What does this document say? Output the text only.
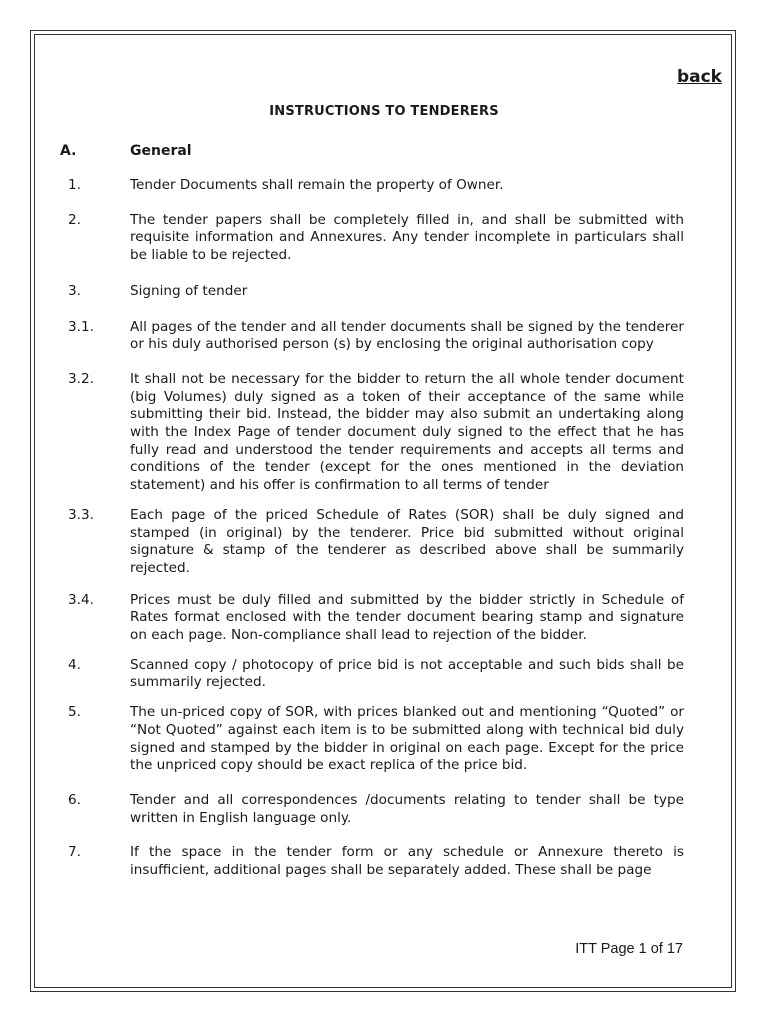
back
INSTRUCTIONS TO TENDERERS
A.	General
1.	Tender Documents shall remain the property of Owner.
2.	The tender papers shall be completely filled in, and shall be submitted with requisite information and Annexures. Any tender incomplete in particulars shall be liable to be rejected.
3.	Signing of tender
3.1.	All pages of the tender and all tender documents shall be signed by the tenderer or his duly authorised person (s) by enclosing the original authorisation copy
3.2.	It shall not be necessary for the bidder to return the all whole tender document (big Volumes) duly signed as a token of their acceptance of the same while submitting their bid. Instead, the bidder may also submit an undertaking along with the Index Page of tender document duly signed to the effect that he has fully read and understood the tender requirements and accepts all terms and conditions of the tender (except for the ones mentioned in the deviation statement) and his offer is confirmation to all terms of tender
3.3.	Each page of the priced Schedule of Rates (SOR) shall be duly signed and stamped (in original) by the tenderer. Price bid submitted without original signature & stamp of the tenderer as described above shall be summarily rejected.
3.4.	Prices must be duly filled and submitted by the bidder strictly in Schedule of Rates format enclosed with the tender document bearing stamp and signature on each page. Non-compliance shall lead to rejection of the bidder.
4.	Scanned copy / photocopy of price bid is not acceptable and such bids shall be summarily rejected.
5.	The un-priced copy of SOR, with prices blanked out and mentioning “Quoted” or “Not Quoted” against each item is to be submitted along with technical bid duly signed and stamped by the bidder in original on each page. Except for the price the unpriced copy should be exact replica of the price bid.
6.	Tender and all correspondences /documents relating to tender shall be type written in English language only.
7.	If the space in the tender form or any schedule or Annexure thereto is insufficient, additional pages shall be separately added. These shall be page
ITT Page 1 of 17
